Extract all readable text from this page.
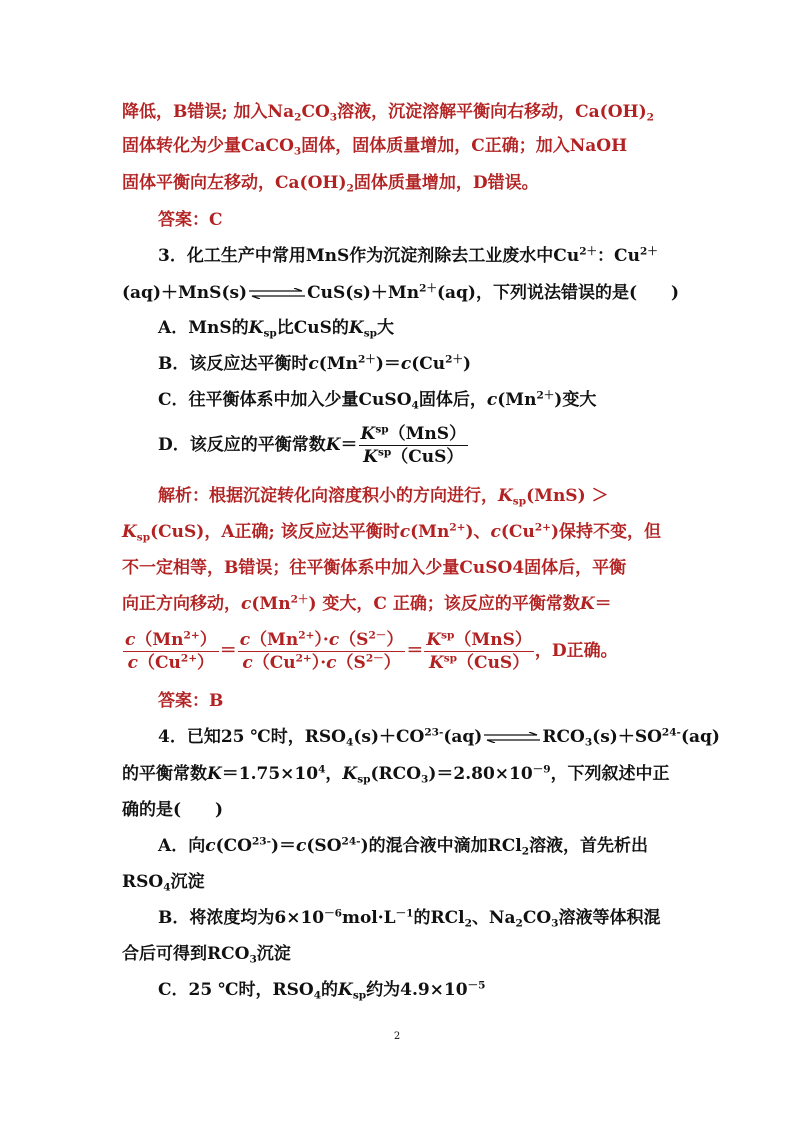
降低，B错误; 加入$Na_2CO_3$溶液，沉淀溶解平衡向右移动，$Ca(OH)_2$
固体转化为少量CaCO$_3$固体，固体质量增加，C正确；加入NaOH
固体平衡向左移动，$Ca(OH)_2$固体质量增加，D错误。
答案：C
3．化工生产中常用MnS作为沉淀剂除去工业废水中$Cu^{2+}$：$Cu^{2+}$
$(aq)+MnS(s)\rightleftharpoons CuS(s)+Mn^{2+}(aq)$，下列说法错误的是(　　)
A．MnS的$K_{sp}$比CuS的$K_{sp}$大
B．该反应达平衡时$c(Mn^{2+})=c(Cu^{2+})$
C．往平衡体系中加入少量CuSO$_4$固体后，$c(Mn^{2+})$变大
D．该反应的平衡常数$K= \frac{K^{sp}(MnS)}{K^{sp}(CuS)}$
解析：根据沉淀转化向溶度积小的方向进行，$K_{sp}(MnS)$ ＞
$K_{sp}(CuS)$，A正确; 该反应达平衡时$c(Mn^{2+})$、$c(Cu^{2+})$保持不变，但
不一定相等，B错误；往平衡体系中加入少量CuSO4固体后，平衡
向正方向移动，$c(Mn^{2+})$ 变大，C 正确；该反应的平衡常数K＝
$\frac{c(Mn^{2+})}{c(Cu^{2+})} = \frac{c(Mn^{2+})\cdot c(S^{2-})}{c(Cu^{2+})\cdot c(S^{2-})} = \frac{K^{sp}(MnS)}{K^{sp}(CuS)}$ ，D正确。
答案：B
4．已知25 ℃时，$RSO_4(s)+CO^{23-}(aq)\rightleftharpoons RCO_3(s)+SO^{24-}(aq)$
的平衡常数$K=1.75\times 10^4$，$K_{sp}(RCO_3)=2.80\times 10^{-9}$，下列叙述中正
确的是(　　)
A．向$c(CO^{23-})=c(SO^{24-})$的混合液中滴加RCl$_2$溶液，首先析出
$RSO_4$沉淀
B．将浓度均为$6\times 10^{-6}mol\cdot L^{-1}$的RCl$_2$、$Na_2CO_3$溶液等体积混
合后可得到$RCO_3$沉淀
C．25 ℃时，$RSO_4$的$K_{sp}$约为$4.9\times 10^{-5}$
2
